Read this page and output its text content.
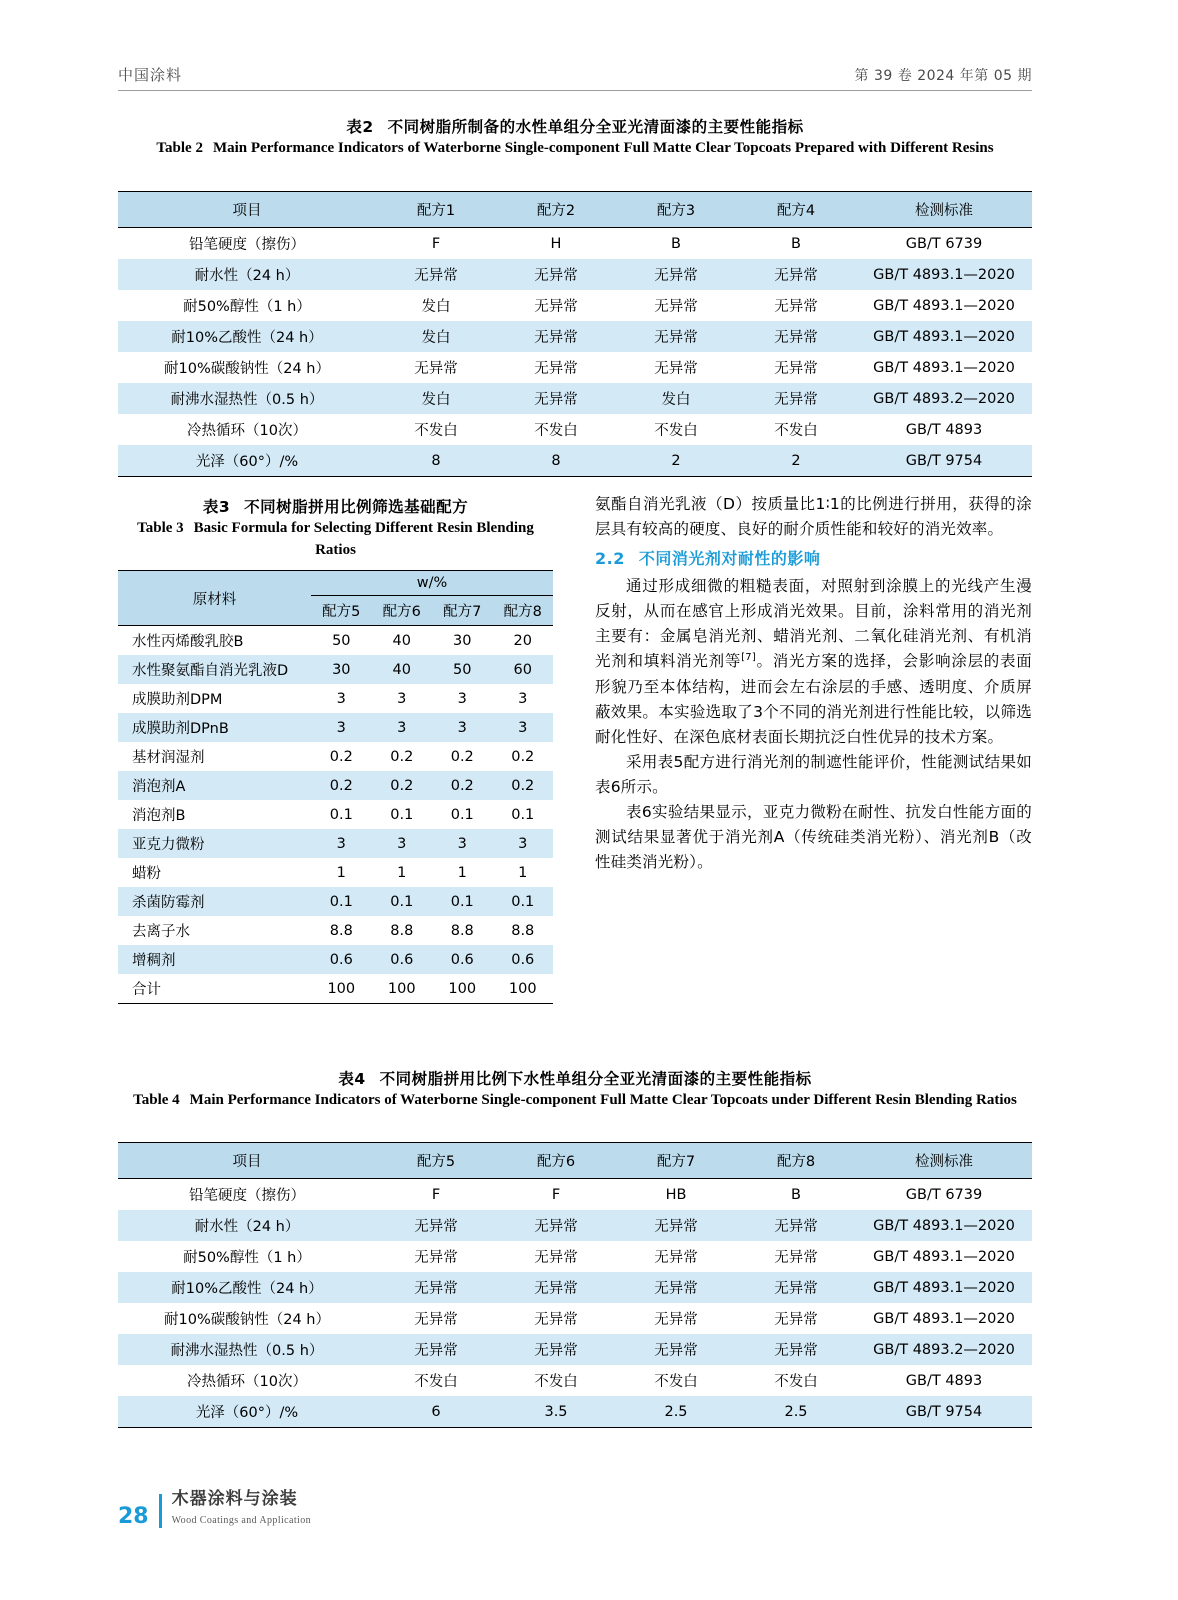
中国涂料	第 39 卷 2024 年第 05 期
表2 不同树脂所制备的水性单组分全亚光清面漆的主要性能指标
Table 2 Main Performance Indicators of Waterborne Single-component Full Matte Clear Topcoats Prepared with Different Resins
项目	配方1	配方2	配方3	配方4	检测标准
铅笔硬度（擦伤）	F	H	B	B	GB/T 6739
耐水性（24 h）	无异常	无异常	无异常	无异常	GB/T 4893.1—2020
耐50%醇性（1 h）	发白	无异常	无异常	无异常	GB/T 4893.1—2020
耐10%乙酸性（24 h）	发白	无异常	无异常	无异常	GB/T 4893.1—2020
耐10%碳酸钠性（24 h）	无异常	无异常	无异常	无异常	GB/T 4893.1—2020
耐沸水湿热性（0.5 h）	发白	无异常	发白	无异常	GB/T 4893.2—2020
冷热循环（10次）	不发白	不发白	不发白	不发白	GB/T 4893
光泽（60°）/%	8	8	2	2	GB/T 9754
表3 不同树脂拼用比例筛选基础配方
Table 3 Basic Formula for Selecting Different Resin Blending Ratios
原材料	w/%			
	配方5	配方6	配方7	配方8
水性丙烯酸乳胶B	50	40	30	20
水性聚氨酯自消光乳液D	30	40	50	60
成膜助剂DPM	3	3	3	3
成膜助剂DPnB	3	3	3	3
基材润湿剂	0.2	0.2	0.2	0.2
消泡剂A	0.2	0.2	0.2	0.2
消泡剂B	0.1	0.1	0.1	0.1
亚克力微粉	3	3	3	3
蜡粉	1	1	1	1
杀菌防霉剂	0.1	0.1	0.1	0.1
去离子水	8.8	8.8	8.8	8.8
增稠剂	0.6	0.6	0.6	0.6
合计	100	100	100	100

氨酯自消光乳液（D）按质量比1∶1的比例进行拼用，获得的涂层具有较高的硬度、良好的耐介质性能和较好的消光效率。

2.2 不同消光剂对耐性的影响

通过形成细微的粗糙表面，对照射到涂膜上的光线产生漫反射，从而在感官上形成消光效果。目前，涂料常用的消光剂主要有：金属皂消光剂、蜡消光剂、二氧化硅消光剂、有机消光剂和填料消光剂等[7]。消光方案的选择，会影响涂层的表面形貌乃至本体结构，进而会左右涂层的手感、透明度、介质屏蔽效果。本实验选取了3个不同的消光剂进行性能比较，以筛选耐化性好、在深色底材表面长期抗泛白性优异的技术方案。

采用表5配方进行消光剂的制遮性能评价，性能测试结果如表6所示。

表6实验结果显示，亚克力微粉在耐性、抗发白性能方面的测试结果显著优于消光剂A（传统硅类消光粉）、消光剂B（改性硅类消光粉）。

表4 不同树脂拼用比例下水性单组分全亚光清面漆的主要性能指标
Table 4 Main Performance Indicators of Waterborne Single-component Full Matte Clear Topcoats under Different Resin Blending Ratios
项目	配方5	配方6	配方7	配方8	检测标准
铅笔硬度（擦伤）	F	F	HB	B	GB/T 6739
耐水性（24 h）	无异常	无异常	无异常	无异常	GB/T 4893.1—2020
耐50%醇性（1 h）	无异常	无异常	无异常	无异常	GB/T 4893.1—2020
耐10%乙酸性（24 h）	无异常	无异常	无异常	无异常	GB/T 4893.1—2020
耐10%碳酸钠性（24 h）	无异常	无异常	无异常	无异常	GB/T 4893.1—2020
耐沸水湿热性（0.5 h）	无异常	无异常	无异常	无异常	GB/T 4893.2—2020
冷热循环（10次）	不发白	不发白	不发白	不发白	GB/T 4893
光泽（60°）/%	6	3.5	2.5	2.5	GB/T 9754
28
木器涂料与涂装
Wood Coatings and Application
